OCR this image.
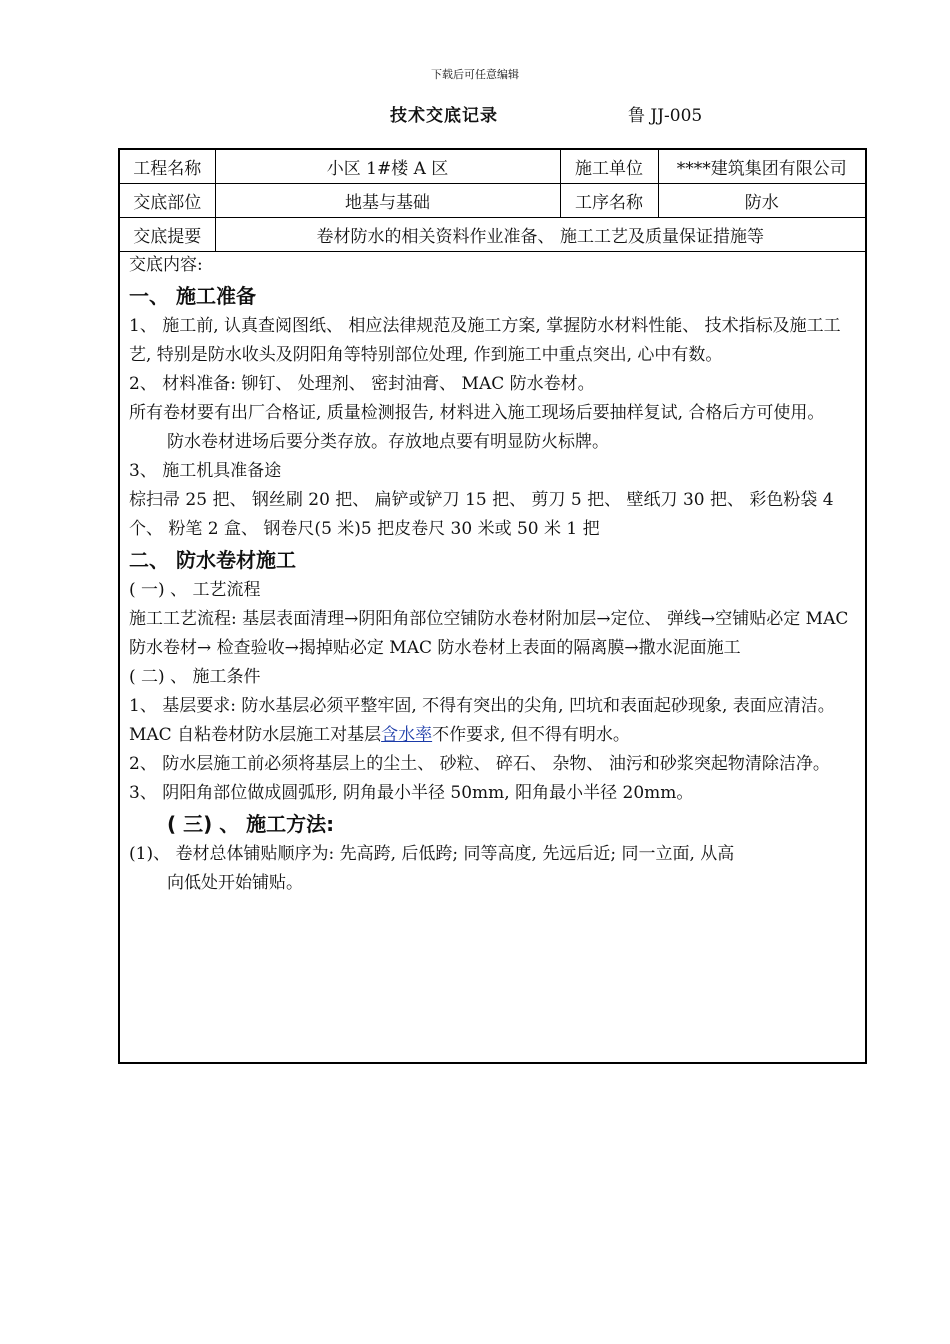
下载后可任意编辑
技术交底记录	鲁 JJ-005
工程名称	小区 1#楼 A 区	施工单位	****建筑集团有限公司
交底部位	地基与基础	工序名称	防水
交底提要	卷材防水的相关资料作业准备、 施工工艺及质量保证措施等		

交底内容:

一、 施工准备

1、 施工前, 认真查阅图纸、 相应法律规范及施工方案, 掌握防水材料性能、 技术指标及施工工艺, 特别是防水收头及阴阳角等特别部位处理, 作到施工中重点突出, 心中有数。

2、 材料准备: 铆钉、 处理剂、 密封油膏、 MAC 防水卷材。

所有卷材要有出厂合格证, 质量检测报告, 材料进入施工现场后要抽样复试, 合格后方可使用。

防水卷材进场后要分类存放。存放地点要有明显防火标牌。

3、 施工机具准备途

棕扫帚 25 把、 钢丝刷 20 把、 扁铲或铲刀 15 把、 剪刀 5 把、 壁纸刀 30 把、 彩色粉袋 4 个、 粉笔 2 盒、 钢卷尺(5 米)5 把皮卷尺 30 米或 50 米 1 把

二、 防水卷材施工

( 一) 、 工艺流程

施工工艺流程: 基层表面清理→阴阳角部位空铺防水卷材附加层→定位、 弹线→空铺贴必定 MAC 防水卷材→ 检查验收→揭掉贴必定 MAC 防水卷材上表面的隔离膜→撒水泥面施工

( 二) 、 施工条件

1、 基层要求: 防水基层必须平整牢固, 不得有突出的尖角, 凹坑和表面起砂现象, 表面应清洁。MAC 自粘卷材防水层施工对基层含水率不作要求, 但不得有明水。

2、 防水层施工前必须将基层上的尘土、 砂粒、 碎石、 杂物、 油污和砂浆突起物清除洁净。

3、 阴阳角部位做成圆弧形, 阴角最小半径 50mm, 阳角最小半径 20mm。

( 三) 、 施工方法:

(1)、 卷材总体铺贴顺序为: 先高跨, 后低跨; 同等高度, 先远后近; 同一立面, 从高

向低处开始铺贴。
